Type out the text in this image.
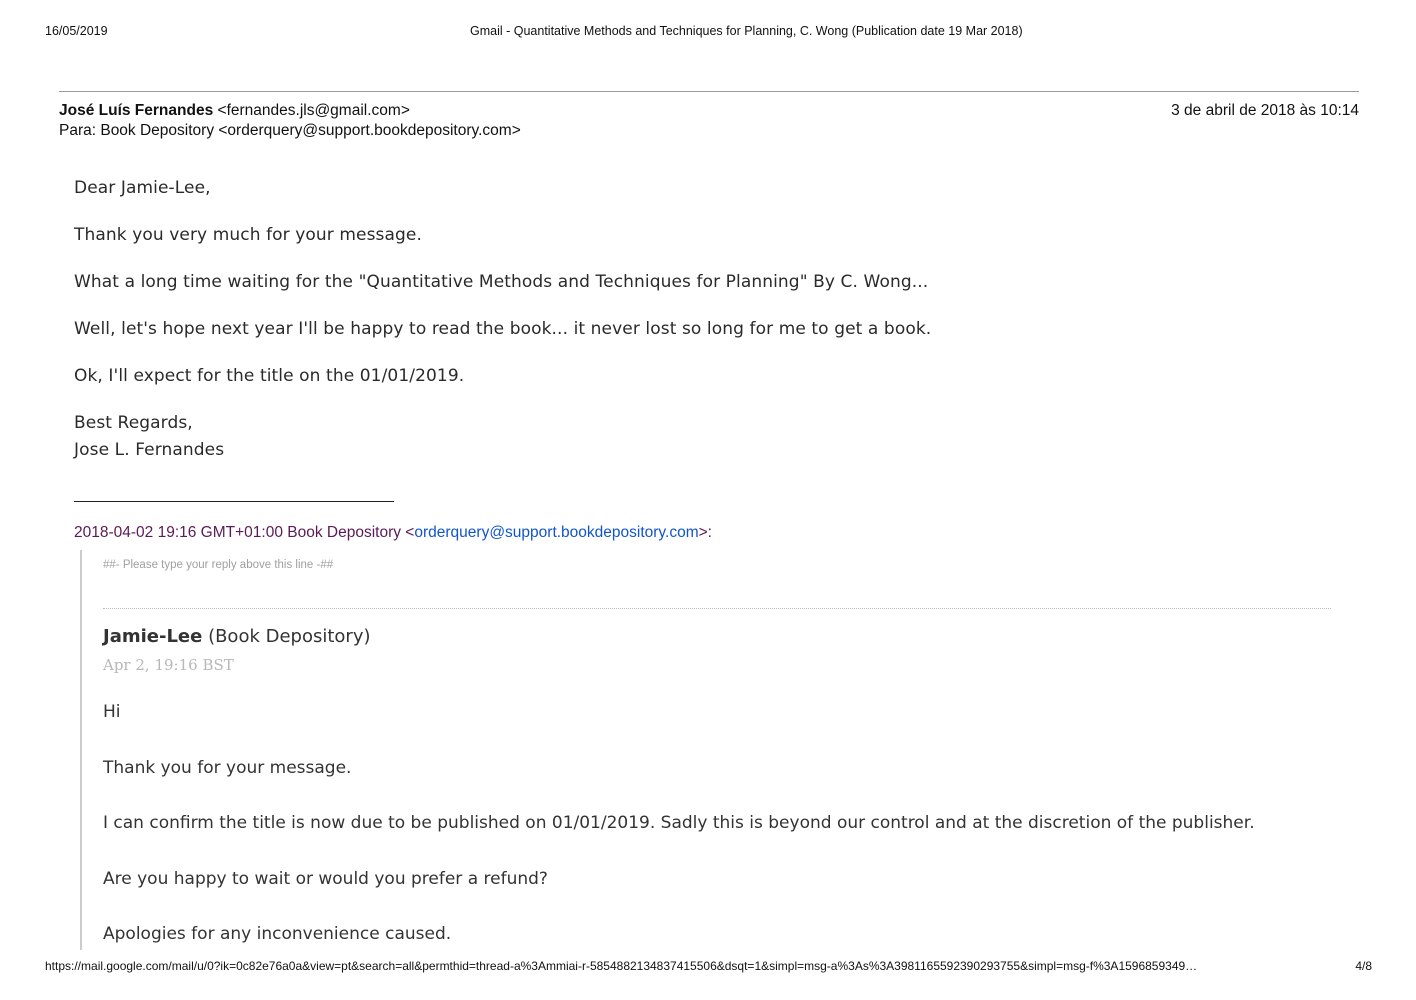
16/05/2019	Gmail - Quantitative Methods and Techniques for Planning, C. Wong (Publication date 19 Mar 2018)
José Luís Fernandes <fernandes.jls@gmail.com>
Para: Book Depository <orderquery@support.bookdepository.com>
3 de abril de 2018 às 10:14
Dear Jamie-Lee,
Thank you very much for your message.
What a long time waiting for the "Quantitative Methods and Techniques for Planning" By C. Wong...
Well, let's hope next year I'll be happy to read the book... it never lost so long for me to get a book.
Ok, I'll expect for the title on the 01/01/2019.
Best Regards,
Jose L. Fernandes
2018-04-02 19:16 GMT+01:00 Book Depository <orderquery@support.bookdepository.com>:
##- Please type your reply above this line -##
Jamie-Lee (Book Depository)
Apr 2, 19:16 BST
Hi
Thank you for your message.
I can confirm the title is now due to be published on 01/01/2019. Sadly this is beyond our control and at the discretion of the publisher.
Are you happy to wait or would you prefer a refund?
Apologies for any inconvenience caused.
https://mail.google.com/mail/u/0?ik=0c82e76a0a&view=pt&search=all&permthid=thread-a%3Ammiai-r-5854882134837415506&dsqt=1&simpl=msg-a%3As%3A3981165592390293755&simpl=msg-f%3A1596859349…	4/8
